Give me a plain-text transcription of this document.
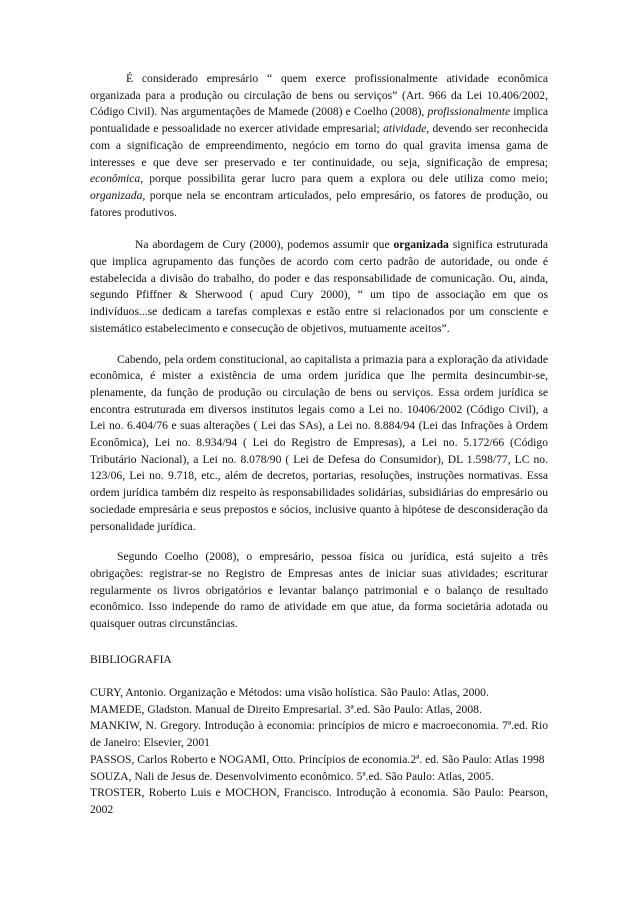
É considerado empresário “ quem exerce profissionalmente atividade econômica organizada para a produção ou circulação de bens ou serviços” (Art. 966 da Lei 10.406/2002, Código Civil). Nas argumentações de Mamede (2008) e Coelho (2008), profissionalmente implica pontualidade e pessoalidade no exercer atividade empresarial; atividade, devendo ser reconhecida com a significação de empreendimento, negócio em torno do qual gravita imensa gama de interesses e que deve ser preservado e ter continuidade, ou seja, significação de empresa; econômica, porque possibilita gerar lucro para quem a explora ou dele utiliza como meio; organizada, porque nela se encontram articulados, pelo empresário, os fatores de produção, ou fatores produtivos.

Na abordagem de Cury (2000), podemos assumir que organizada significa estruturada que implica agrupamento das funções de acordo com certo padrão de autoridade, ou onde é estabelecida a divisão do trabalho, do poder e das responsabilidade de comunicação. Ou, ainda, segundo Pfiffner & Sherwood ( apud Cury 2000), “ um tipo de associação em que os indivíduos...se dedicam a tarefas complexas e estão entre si relacionados por um consciente e sistemático estabelecimento e consecução de objetivos, mutuamente aceitos”.

Cabendo, pela ordem constitucional, ao capitalista a primazia para a exploração da atividade econômica, é mister a existência de uma ordem jurídica que lhe permita desincumbir-se, plenamente, da função de produção ou circulação de bens ou serviços. Essa ordem jurídica se encontra estruturada em diversos institutos legais como a Lei no. 10406/2002 (Código Civil), a Lei no. 6.404/76 e suas alterações ( Lei das SAs), a Lei no. 8.884/94 (Lei das Infrações à Ordem Econômica), Lei no. 8.934/94 ( Lei do Registro de Empresas), a Lei no. 5.172/66 (Código Tributário Nacional), a Lei no. 8.078/90 ( Lei de Defesa do Consumidor), DL 1.598/77, LC no. 123/06, Lei no. 9.718, etc., além de decretos, portarias, resoluções, instruções normativas. Essa ordem jurídica também diz respeito às responsabilidades solidárias, subsidiárias do empresário ou sociedade empresária e seus prepostos e sócios, inclusive quanto à hipótese de desconsideração da personalidade jurídica.

Segundo Coelho (2008), o empresário, pessoa física ou jurídica, está sujeito a três obrigações: registrar-se no Registro de Empresas antes de iniciar suas atividades; escriturar regularmente os livros obrigatórios e levantar balanço patrimonial e o balanço de resultado econômico. Isso independe do ramo de atividade em que atue, da forma societária adotada ou quaisquer outras circunstâncias.

BIBLIOGRAFIA

CURY, Antonio. Organização e Métodos: uma visão holística. São Paulo: Atlas, 2000.

MAMEDE, Gladston. Manual de Direito Empresarial. 3ª.ed. São Paulo: Atlas, 2008.

MANKIW, N. Gregory. Introdução à economia: princípios de micro e macroeconomia. 7ª.ed. Rio de Janeiro: Elsevier, 2001

PASSOS, Carlos Roberto e NOGAMI, Otto. Princípios de economia.2ª. ed. São Paulo: Atlas 1998

SOUZA, Nali de Jesus de. Desenvolvimento econômico. 5ª.ed. São Paulo: Atlas, 2005.

TROSTER, Roberto Luis e MOCHON, Francisco. Introdução à economia. São Paulo: Pearson, 2002
